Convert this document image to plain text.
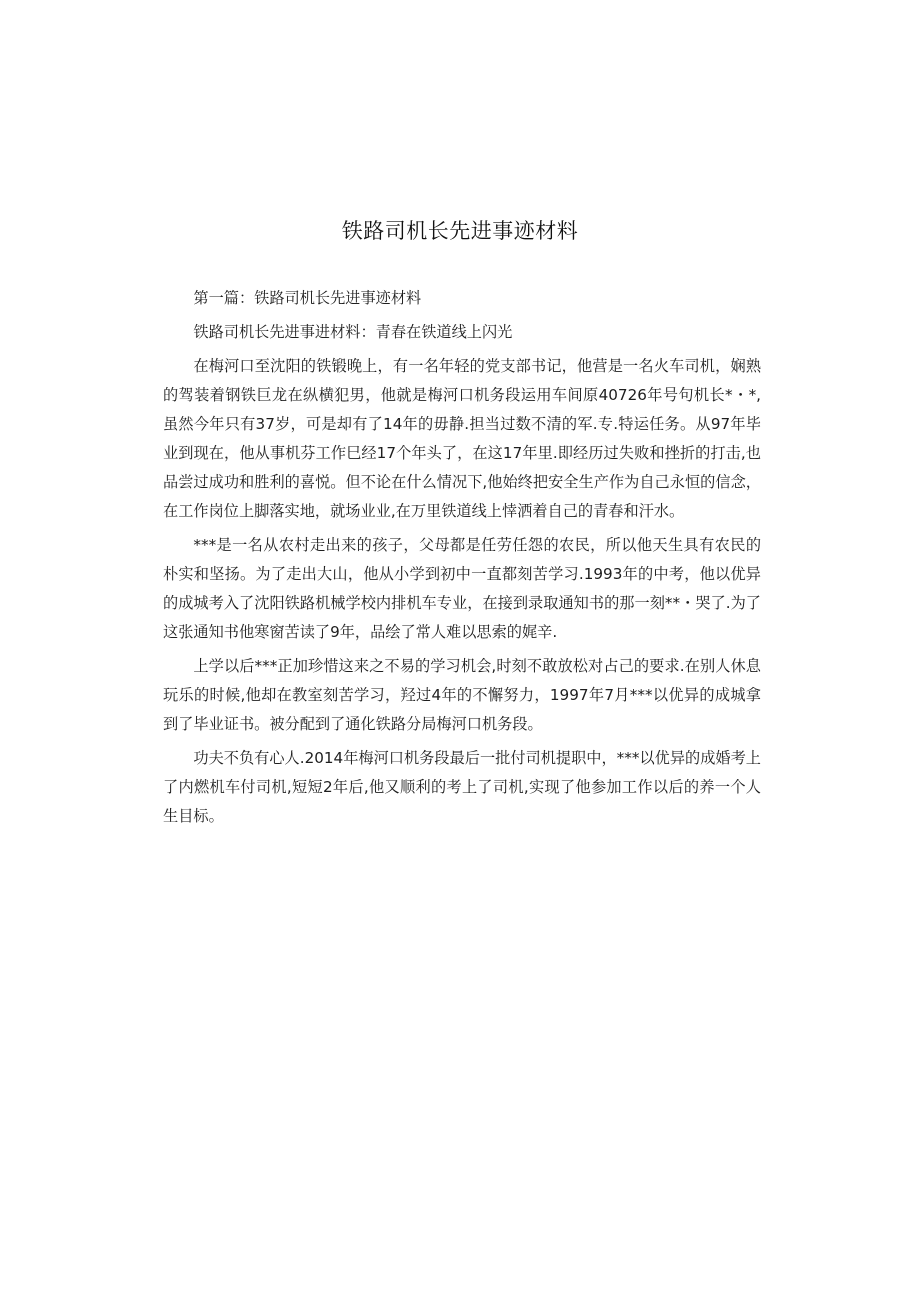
铁路司机长先进事迹材料

第一篇：铁路司机长先进事迹材料

铁路司机长先进事进材料：青春在铁道线上闪光

在梅河口至沈阳的铁锻晚上，有一名年轻的党支部书记，他营是一名火车司机，娴熟的驾装着钢铁巨龙在纵横犯男，他就是梅河口机务段运用车间原40726年号句机长*・*,虽然今年只有37岁，可是却有了14年的毋静.担当过数不清的军.专.特运任务。从97年毕业到现在，他从事机芬工作巳经17个年头了，在这17年里.即经历过失败和挫折的打击,也品尝过成功和胜利的喜悦。但不论在什么情况下,他始终把安全生产作为自己永恒的信念，在工作岗位上脚落实地，就场业业,在万里铁道线上悻洒着自己的青春和汗水。

***是一名从农村走出来的孩子，父母都是任劳任怨的农民，所以他天生具有农民的朴实和坚扬。为了走出大山，他从小学到初中一直都刻苦学习.1993年的中考，他以优异的成城考入了沈阳铁路机械学校内排机车专业，在接到录取通知书的那一刻**・哭了.为了这张通知书他寒窗苦读了9年，品绘了常人难以思索的娓辛.

上学以后***正加珍惜这来之不易的学习机会,时刻不敢放松对占己的要求.在别人休息玩乐的时候,他却在教室刻苦学习，羟过4年的不懈努力，1997年7月***以优异的成城拿到了毕业证书。被分配到了通化铁路分局梅河口机务段。

功夫不负有心人.2014年梅河口机务段最后一批付司机提职中，***以优异的成婚考上了内燃机车付司机,短短2年后,他又顺利的考上了司机,实现了他参加工作以后的养一个人生目标。
